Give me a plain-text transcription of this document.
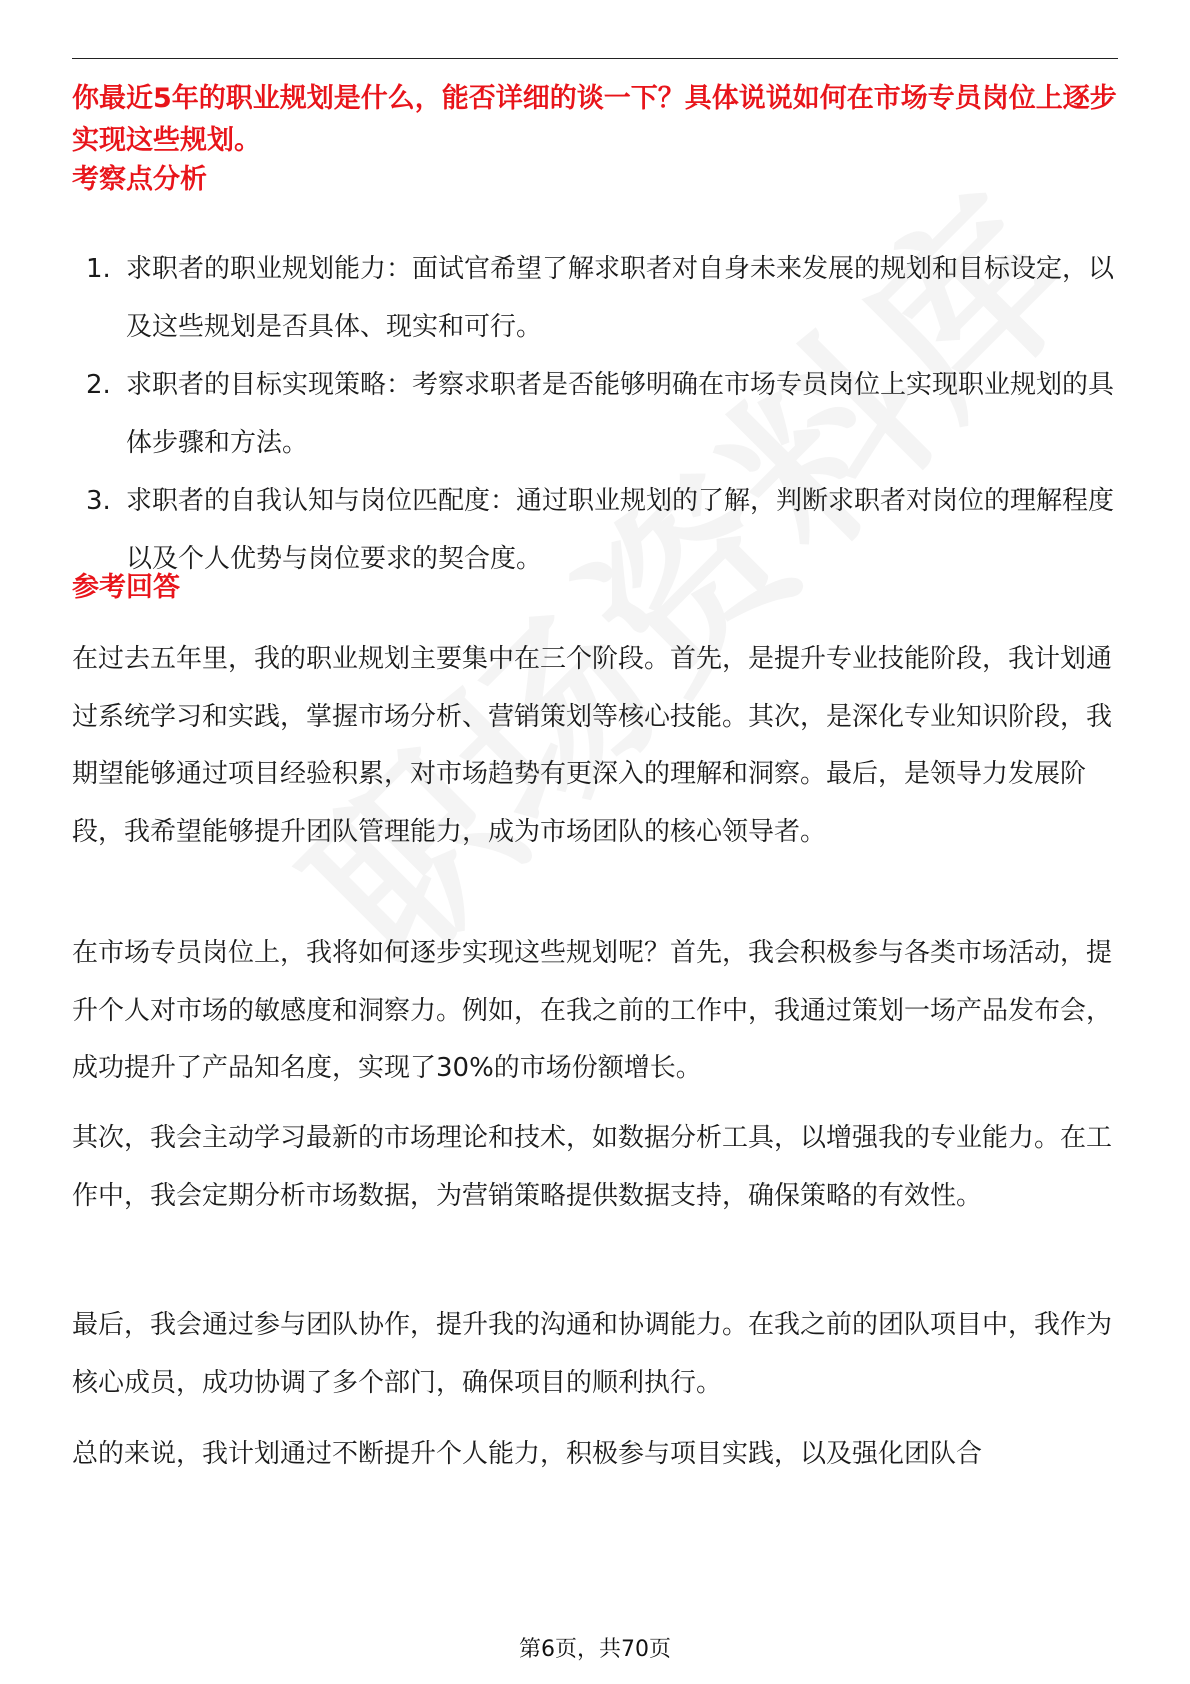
你最近5年的职业规划是什么，能否详细的谈一下？具体说说如何在市场专员岗位上逐步实现这些规划。
考察点分析
1. 求职者的职业规划能力：面试官希望了解求职者对自身未来发展的规划和目标设定，以及这些规划是否具体、现实和可行。
2. 求职者的目标实现策略：考察求职者是否能够明确在市场专员岗位上实现职业规划的具体步骤和方法。
3. 求职者的自我认知与岗位匹配度：通过职业规划的了解，判断求职者对岗位的理解程度以及个人优势与岗位要求的契合度。
参考回答

在过去五年里，我的职业规划主要集中在三个阶段。首先，是提升专业技能阶段，我计划通过系统学习和实践，掌握市场分析、营销策划等核心技能。其次，是深化专业知识阶段，我期望能够通过项目经验积累，对市场趋势有更深入的理解和洞察。最后，是领导力发展阶段，我希望能够提升团队管理能力，成为市场团队的核心领导者。

在市场专员岗位上，我将如何逐步实现这些规划呢？首先，我会积极参与各类市场活动，提升个人对市场的敏感度和洞察力。例如，在我之前的工作中，我通过策划一场产品发布会，成功提升了产品知名度，实现了30%的市场份额增长。

其次，我会主动学习最新的市场理论和技术，如数据分析工具，以增强我的专业能力。在工作中，我会定期分析市场数据，为营销策略提供数据支持，确保策略的有效性。

最后，我会通过参与团队协作，提升我的沟通和协调能力。在我之前的团队项目中，我作为核心成员，成功协调了多个部门，确保项目的顺利执行。

总的来说，我计划通过不断提升个人能力，积极参与项目实践，以及强化团队合

第6页，共70页
